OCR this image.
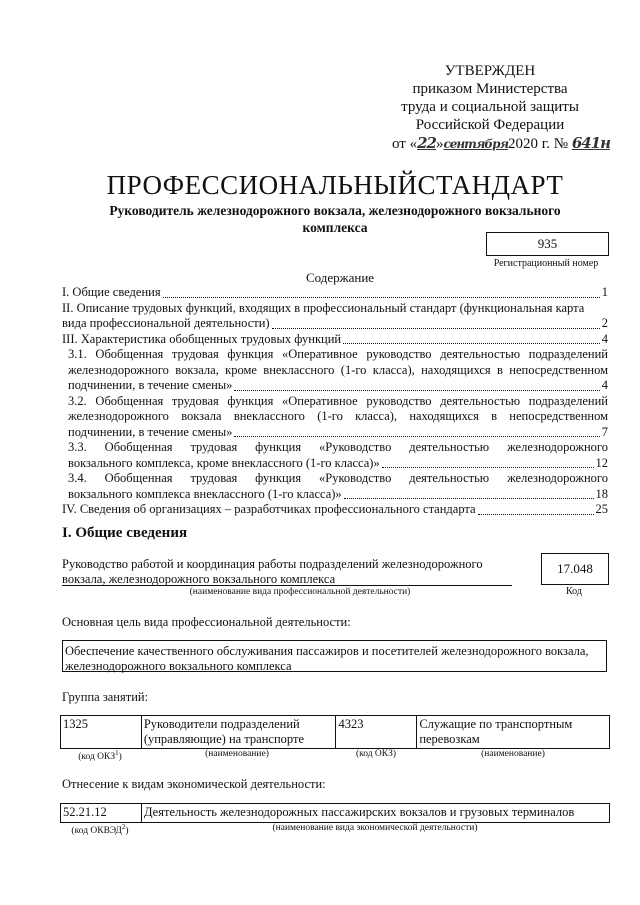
УТВЕРЖДЕН
приказом Министерства
труда и социальной защиты
Российской Федерации
от «22»сентября2020 г. № 641н
ПРОФЕССИОНАЛЬНЫЙСТАНДАРТ
Руководитель железнодорожного вокзала, железнодорожного вокзального комплекса
935
Регистрационный номер
Содержание
I. Общие сведения	1
II. Описание трудовых функций, входящих в профессиональный стандарт (функциональная карта
вида профессиональной деятельности)	2
III. Характеристика обобщенных трудовых функций	4
3.1. Обобщенная трудовая функция «Оперативное руководство деятельностью подразделений железнодорожного вокзала, кроме внеклассного (1-го класса), находящихся в непосредственном
подчинении, в течение смены»	4
3.2. Обобщенная трудовая функция «Оперативное руководство деятельностью подразделений железнодорожного вокзала внеклассного (1-го класса), находящихся в непосредственном
подчинении, в течение смены»	7
3.3. Обобщенная трудовая функция «Руководство деятельностью железнодорожного
вокзального комплекса, кроме внеклассного (1-го класса)»	12
3.4. Обобщенная трудовая функция «Руководство деятельностью железнодорожного
вокзального комплекса внеклассного (1-го класса)»	18
IV. Сведения об организациях – разработчиках профессионального стандарта	25
I. Общие сведения
Руководство работой и координация работы подразделений железнодорожного вокзала, железнодорожного вокзального комплекса
(наименование вида профессиональной деятельности)
17.048
Код
Основная цель вида профессиональной деятельности:
Обеспечение качественного обслуживания пассажиров и посетителей железнодорожного вокзала, железнодорожного вокзального комплекса
Группа занятий:
1325	Руководители подразделений (управляющие) на транспорте	4323	Служащие по транспортным перевозкам
(код ОКЗ$^1$)	(наименование)	(код ОКЗ)	(наименование)
Отнесение к видам экономической деятельности:
52.21.12	Деятельность железнодорожных пассажирских вокзалов и грузовых терминалов
(код ОКВЭД$^2$)	(наименование вида экономической деятельности)
